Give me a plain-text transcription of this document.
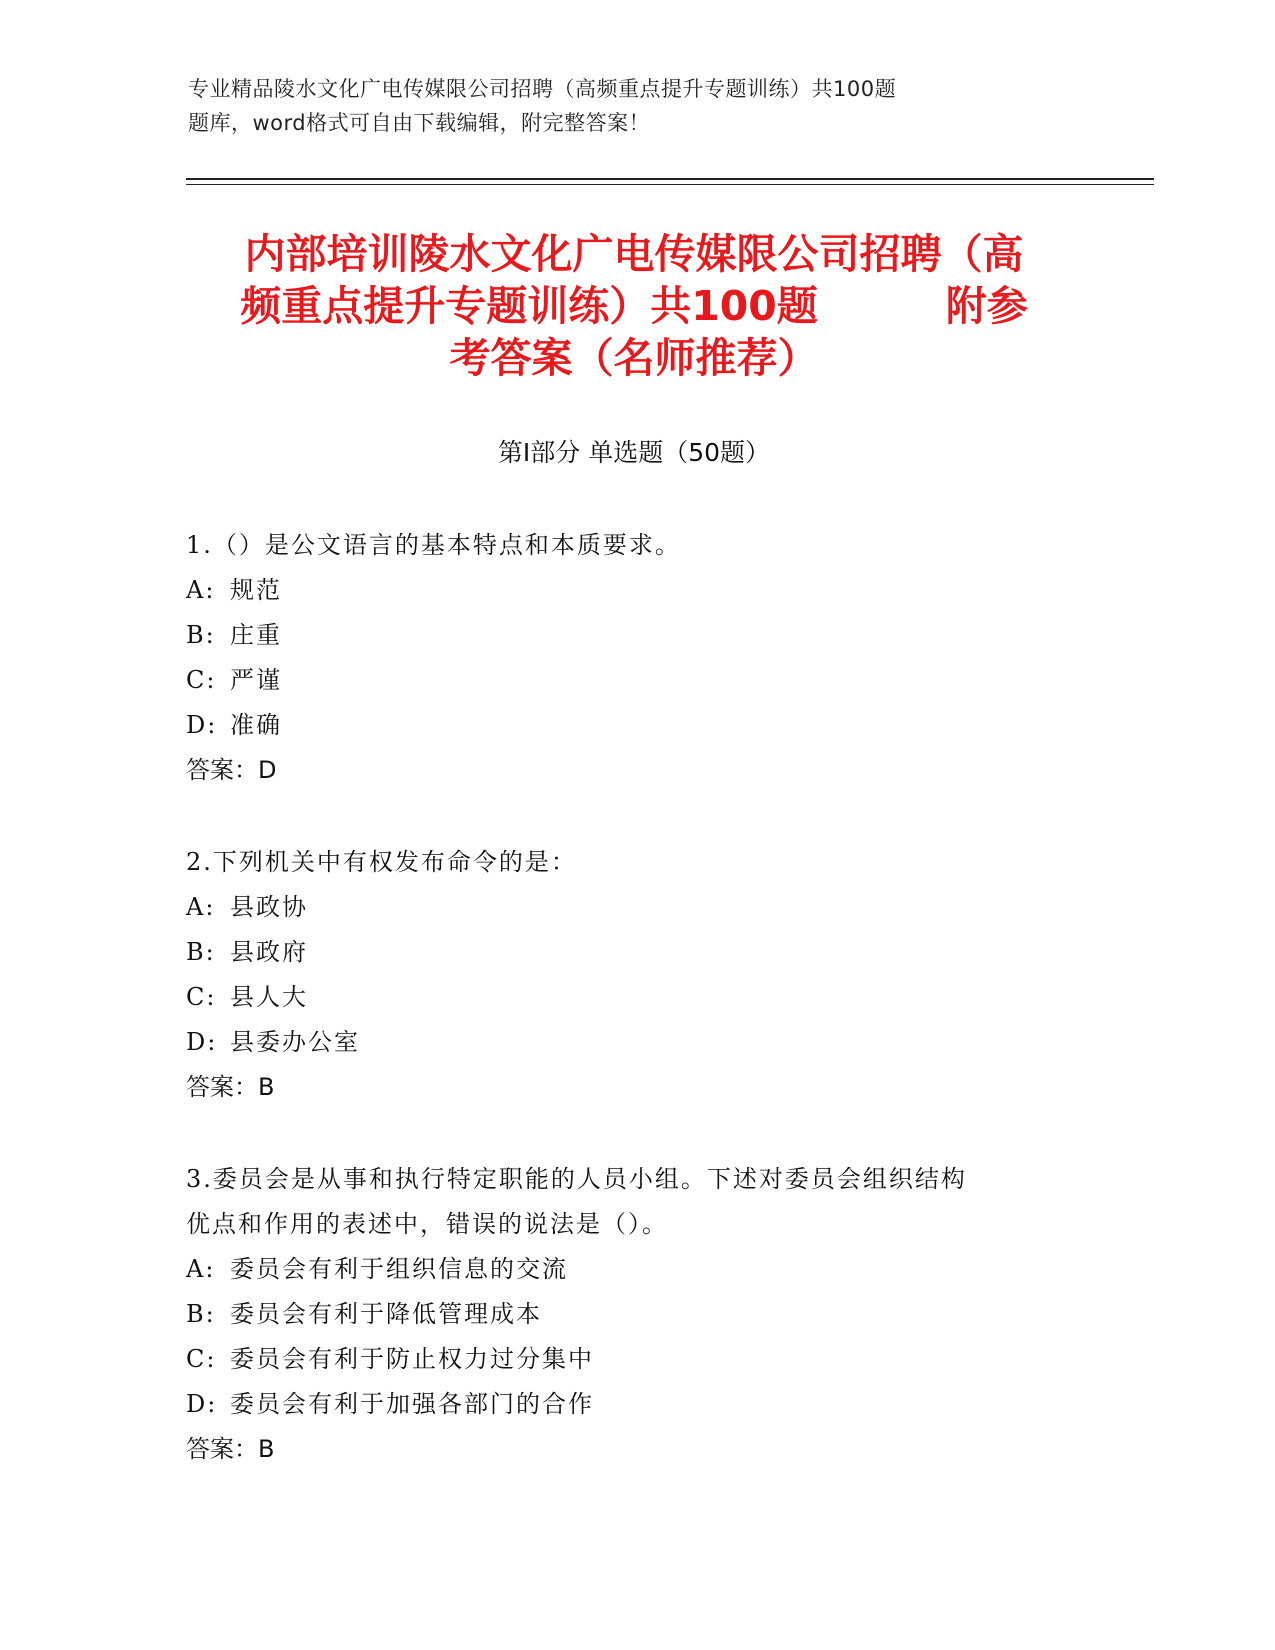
专业精品陵水文化广电传媒限公司招聘（高频重点提升专题训练）共100题
题库，word格式可自由下载编辑，附完整答案！
内部培训陵水文化广电传媒限公司招聘（高
频重点提升专题训练）共100题	附参
考答案（名师推荐）
第Ⅰ部分 单选题（50题）
1.（）是公文语言的基本特点和本质要求。
A: 规范
B: 庄重
C: 严谨
D: 准确
答案：D
2.下列机关中有权发布命令的是：
A: 县政协
B: 县政府
C: 县人大
D: 县委办公室
答案：B
3.委员会是从事和执行特定职能的人员小组。下述对委员会组织结构
优点和作用的表述中，错误的说法是（）。
A: 委员会有利于组织信息的交流
B: 委员会有利于降低管理成本
C: 委员会有利于防止权力过分集中
D: 委员会有利于加强各部门的合作
答案：B
